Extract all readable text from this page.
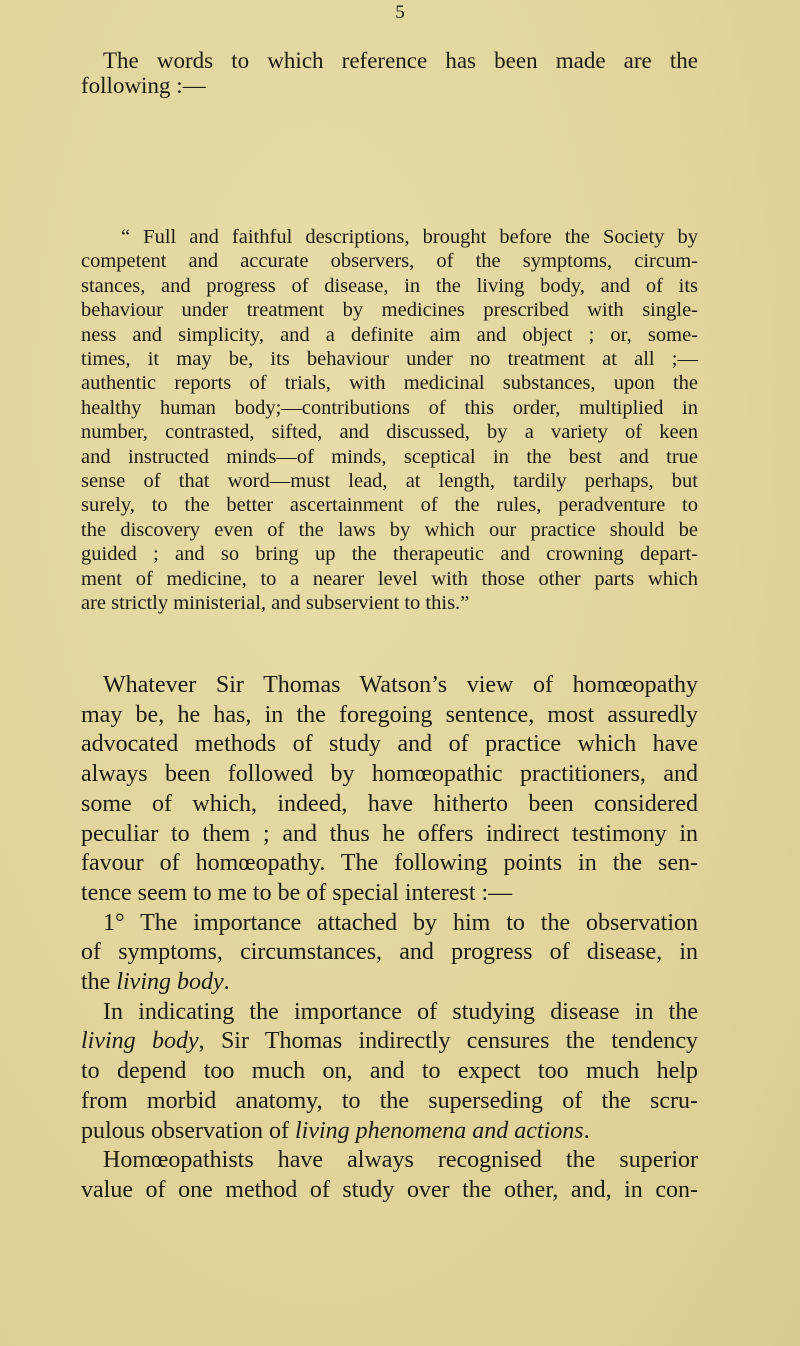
5
The words to which reference has been made are the
following :—
“ Full and faithful descriptions, brought before the Society by
competent and accurate observers, of the symptoms, circum-
stances, and progress of disease, in the living body, and of its
behaviour under treatment by medicines prescribed with single-
ness and simplicity, and a definite aim and object ; or, some-
times, it may be, its behaviour under no treatment at all ;—
authentic reports of trials, with medicinal substances, upon the
healthy human body;—contributions of this order, multiplied in
number, contrasted, sifted, and discussed, by a variety of keen
and instructed minds—of minds, sceptical in the best and true
sense of that word—must lead, at length, tardily perhaps, but
surely, to the better ascertainment of the rules, peradventure to
the discovery even of the laws by which our practice should be
guided ; and so bring up the therapeutic and crowning depart-
ment of medicine, to a nearer level with those other parts which
are strictly ministerial, and subservient to this.”
Whatever Sir Thomas Watson’s view of homœopathy
may be, he has, in the foregoing sentence, most assuredly
advocated methods of study and of practice which have
always been followed by homœopathic practitioners, and
some of which, indeed, have hitherto been considered
peculiar to them ; and thus he offers indirect testimony in
favour of homœopathy. The following points in the sen-
tence seem to me to be of special interest :—
1° The importance attached by him to the observation
of symptoms, circumstances, and progress of disease, in
the living body.
In indicating the importance of studying disease in the
living body, Sir Thomas indirectly censures the tendency
to depend too much on, and to expect too much help
from morbid anatomy, to the superseding of the scru-
pulous observation of living phenomena and actions.
Homœopathists have always recognised the superior
value of one method of study over the other, and, in con-
